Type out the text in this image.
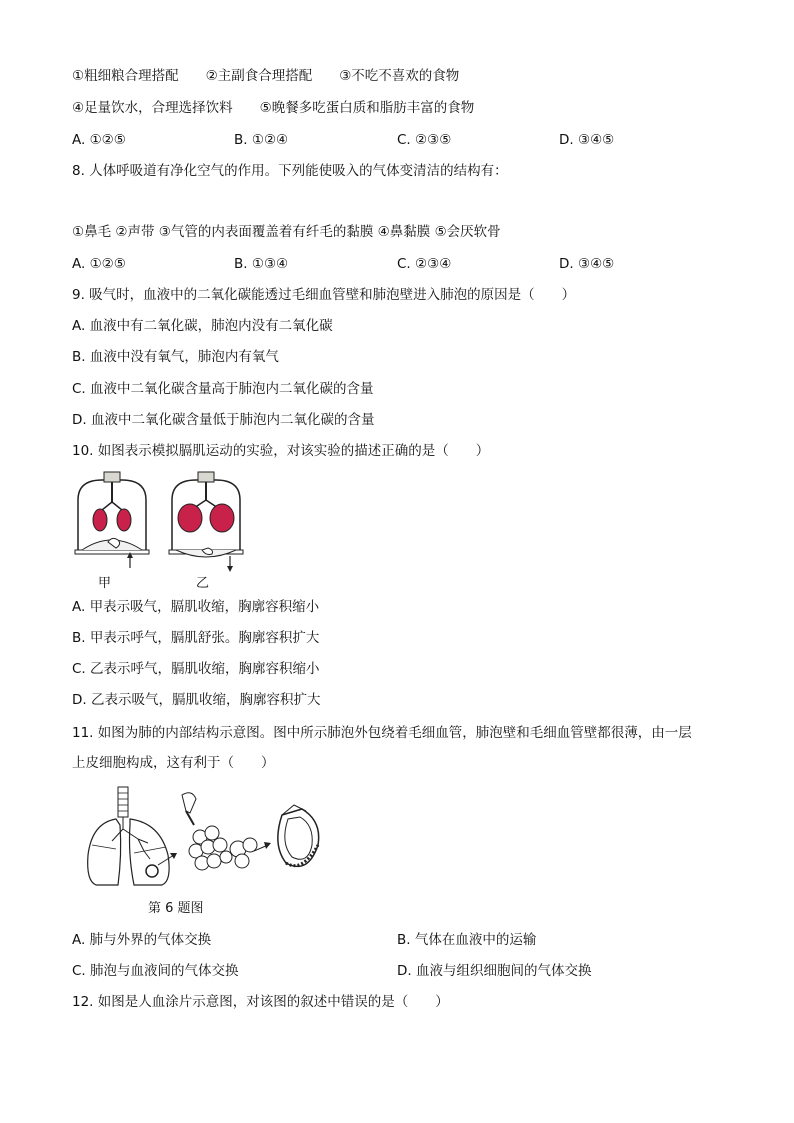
①粗细粮合理搭配　　②主副食合理搭配　　③不吃不喜欢的食物
④足量饮水，合理选择饮料　　⑤晚餐多吃蛋白质和脂肪丰富的食物
A. ①②⑤	B. ①②④	C. ②③⑤	D. ③④⑤
8. 人体呼吸道有净化空气的作用。下列能使吸入的气体变清洁的结构有：
①鼻毛 ②声带 ③气管的内表面覆盖着有纤毛的黏膜 ④鼻黏膜 ⑤会厌软骨
A. ①②⑤	B. ①③④	C. ②③④	D. ③④⑤
9. 吸气时，血液中的二氧化碳能透过毛细血管壁和肺泡壁进入肺泡的原因是（　　）
A. 血液中有二氧化碳，肺泡内没有二氧化碳
B. 血液中没有氧气，肺泡内有氧气
C. 血液中二氧化碳含量高于肺泡内二氧化碳的含量
D. 血液中二氧化碳含量低于肺泡内二氧化碳的含量
10. 如图表示模拟膈肌运动的实验，对该实验的描述正确的是（　　）
甲	乙
A. 甲表示吸气，膈肌收缩，胸廓容积缩小
B. 甲表示呼气，膈肌舒张。胸廓容积扩大
C. 乙表示呼气，膈肌收缩，胸廓容积缩小
D. 乙表示吸气，膈肌收缩，胸廓容积扩大
11. 如图为肺的内部结构示意图。图中所示肺泡外包绕着毛细血管，肺泡壁和毛细血管壁都很薄，由一层
上皮细胞构成，这有利于（　　）
第 6 题图
A. 肺与外界的气体交换	B. 气体在血液中的运输
C. 肺泡与血液间的气体交换	D. 血液与组织细胞间的气体交换
12. 如图是人血涂片示意图，对该图的叙述中错误的是（　　）
